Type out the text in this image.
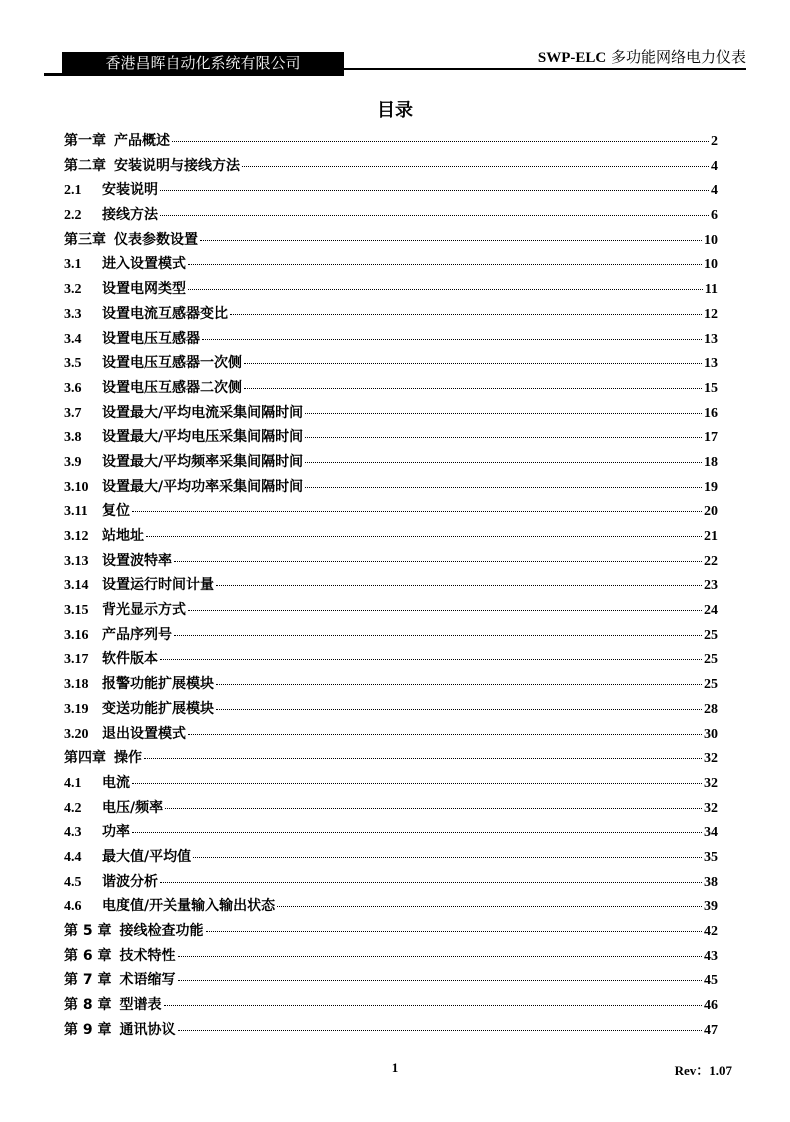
香港昌晖自动化系统有限公司	SWP-ELC 多功能网络电力仪表
目录
第一章 产品概述	2
第二章 安装说明与接线方法	4
2.1	安装说明	4
2.2	接线方法	6
第三章 仪表参数设置	10
3.1	进入设置模式	10
3.2	设置电网类型	11
3.3	设置电流互感器变比	12
3.4	设置电压互感器	13
3.5	设置电压互感器一次侧	13
3.6	设置电压互感器二次侧	15
3.7	设置最大/平均电流采集间隔时间	16
3.8	设置最大/平均电压采集间隔时间	17
3.9	设置最大/平均频率采集间隔时间	18
3.10 设置最大/平均功率采集间隔时间	19
3.11	复位	20
3.12 站地址	21
3.13 设置波特率	22
3.14 设置运行时间计量	23
3.15 背光显示方式	24
3.16 产品序列号	25
3.17 软件版本	25
3.18 报警功能扩展模块	25
3.19 变送功能扩展模块	28
3.20 退出设置模式	30
第四章 操作	32
4.1	电流	32
4.2	电压/频率	32
4.3	功率	34
4.4	最大值/平均值	35
4.5	谐波分析	38
4.6	电度值/开关量输入输出状态	39
第 5 章 接线检查功能	42
第 6 章 技术特性	43
第 7 章 术语缩写	45
第 8 章 型谱表	46
第 9 章 通讯协议	47
1	Rev：1.07
